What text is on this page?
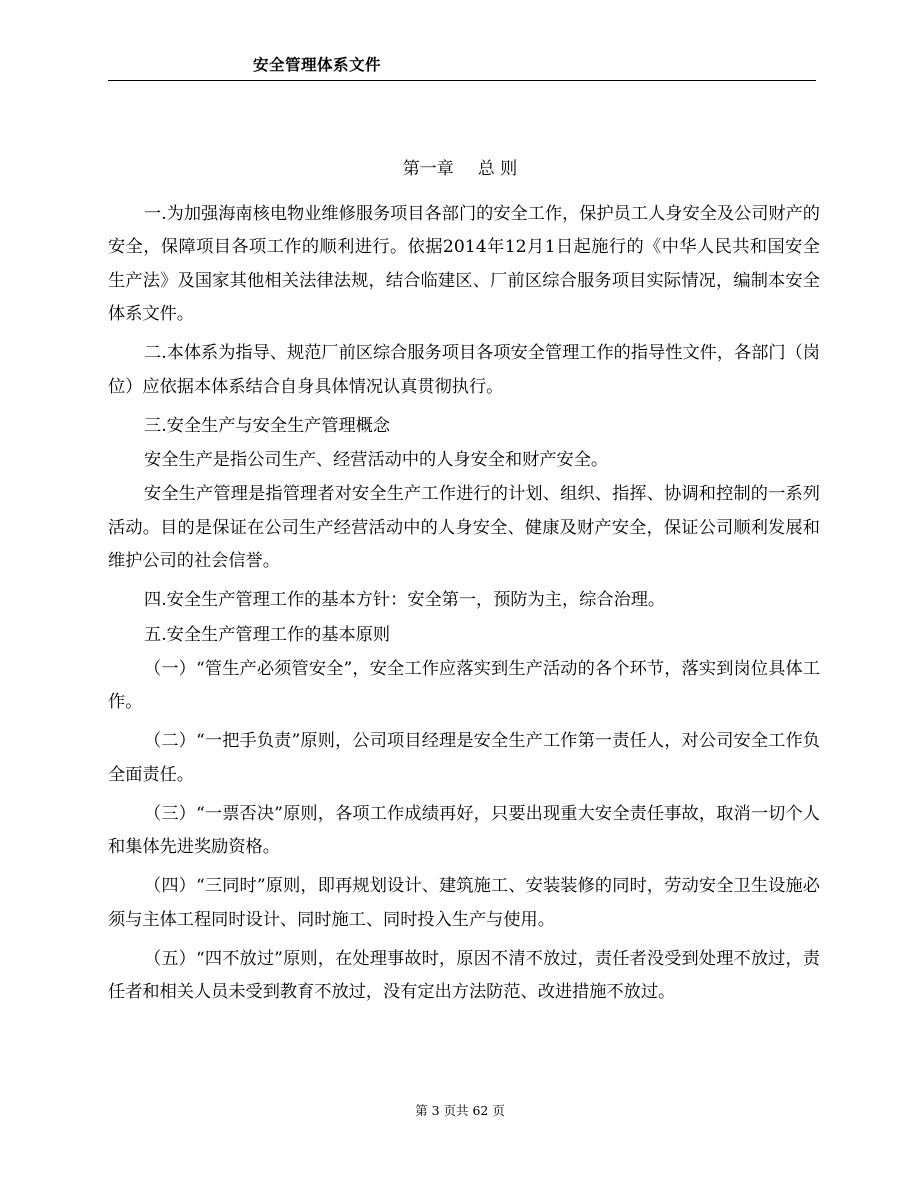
安全管理体系文件
第一章 总 则

一.为加强海南核电物业维修服务项目各部门的安全工作，保护员工人身安全及公司财产的安全，保障项目各项工作的顺利进行。依据2014年12月1日起施行的《中华人民共和国安全生产法》及国家其他相关法律法规，结合临建区、厂前区综合服务项目实际情况，编制本安全体系文件。

二.本体系为指导、规范厂前区综合服务项目各项安全管理工作的指导性文件，各部门（岗位）应依据本体系结合自身具体情况认真贯彻执行。

三.安全生产与安全生产管理概念

安全生产是指公司生产、经营活动中的人身安全和财产安全。

安全生产管理是指管理者对安全生产工作进行的计划、组织、指挥、协调和控制的一系列活动。目的是保证在公司生产经营活动中的人身安全、健康及财产安全，保证公司顺利发展和维护公司的社会信誉。

四.安全生产管理工作的基本方针：安全第一，预防为主，综合治理。

五.安全生产管理工作的基本原则

（一）“管生产必须管安全”，安全工作应落实到生产活动的各个环节，落实到岗位具体工作。

（二）“一把手负责”原则，公司项目经理是安全生产工作第一责任人，对公司安全工作负全面责任。

（三）“一票否决”原则，各项工作成绩再好，只要出现重大安全责任事故，取消一切个人和集体先进奖励资格。

（四）“三同时”原则，即再规划设计、建筑施工、安装装修的同时，劳动安全卫生设施必须与主体工程同时设计、同时施工、同时投入生产与使用。

（五）“四不放过”原则，在处理事故时，原因不清不放过，责任者没受到处理不放过，责任者和相关人员未受到教育不放过，没有定出方法防范、改进措施不放过。

第 3 页共 62 页
